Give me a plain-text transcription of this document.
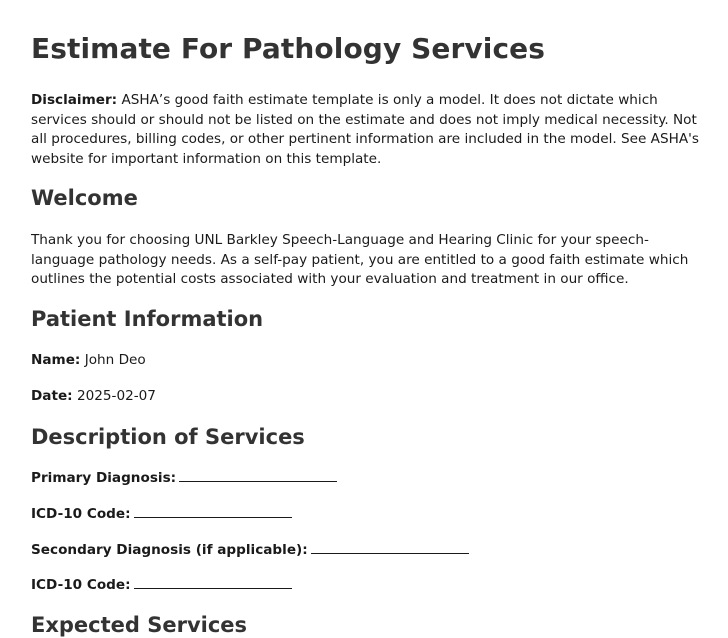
Estimate For Pathology Services

Disclaimer: ASHA’s good faith estimate template is only a model. It does not dictate which services should or should not be listed on the estimate and does not imply medical necessity. Not all procedures, billing codes, or other pertinent information are included in the model. See ASHA's website for important information on this template.

Welcome

Thank you for choosing UNL Barkley Speech-Language and Hearing Clinic for your speech-language pathology needs. As a self-pay patient, you are entitled to a good faith estimate which outlines the potential costs associated with your evaluation and treatment in our office.

Patient Information

Name: John Deo

Date: 2025-02-07

Description of Services

Primary Diagnosis:

ICD-10 Code:

Secondary Diagnosis (if applicable):

ICD-10 Code:

Expected Services
